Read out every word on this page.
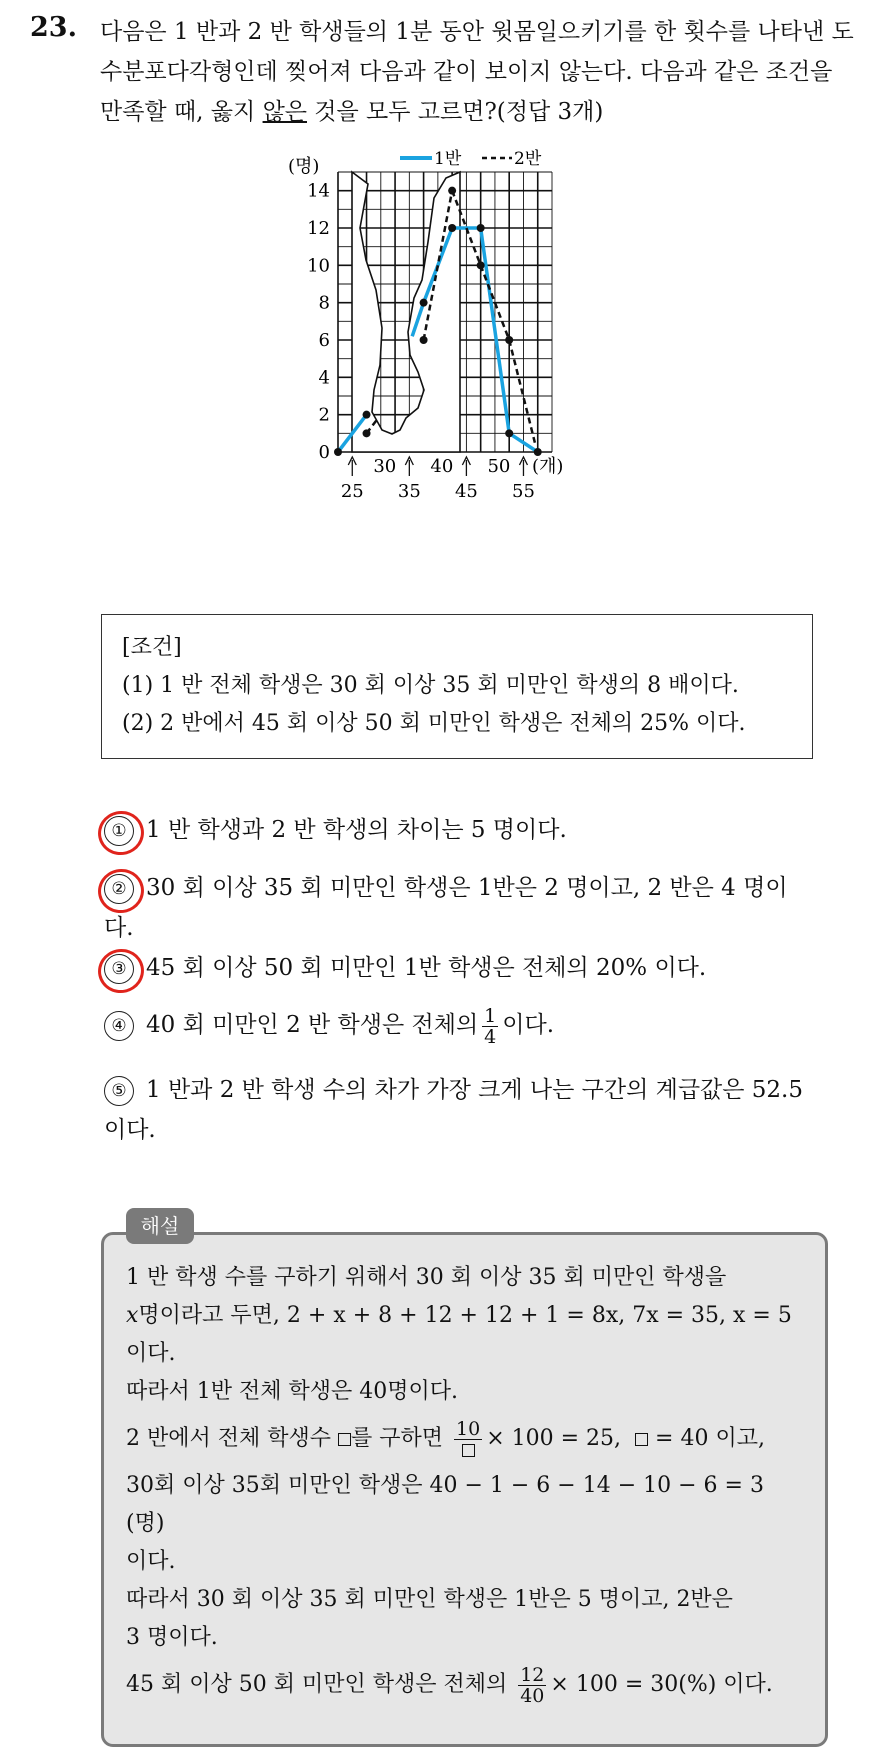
23. 다음은 1 반과 2 반 학생들의 1분 동안 윗몸일으키기를 한 횟수를 나타낸 도수분포다각형인데 찢어져 다음과 같이 보이지 않는다. 다음과 같은 조건을 만족할 때, 옳지 않은 것을 모두 고르면?(정답 3개)
0
2
4
6
8
10
12
14
30 40 50
25 35 45 55
1반	2반
(명)
(개)
[조건]
(1) 1 반 전체 학생은 30 회 이상 35 회 미만인 학생의 8 배이다.
(2) 2 반에서 45 회 이상 50 회 미만인 학생은 전체의 25% 이다.
① 1 반 학생과 2 반 학생의 차이는 5 명이다.
② 30 회 이상 35 회 미만인 학생은 1반은 2 명이고, 2 반은 4 명이다.
③ 45 회 이상 50 회 미만인 1반 학생은 전체의 20% 이다.
④ 40 회 미만인 2 반 학생은 전체의 $\frac{1}{4}$ 이다.
⑤ 1 반과 2 반 학생 수의 차가 가장 크게 나는 구간의 계급값은 52.5 이다.

1 반 학생 수를 구하기 위해서 30 회 이상 35 회 미만인 학생을

x명이라고 두면, 2 + x + 8 + 12 + 12 + 1 = 8x, 7x = 35, x = 5

이다.

따라서 1반 전체 학생은 40명이다.

2 반에서 전체 학생수 를 구하면 10 × 100 = 25, = 40 이고,

30회 이상 35회 미만인 학생은 40 − 1 − 6 − 14 − 10 − 6 = 3 (명)

이다.

따라서 30 회 이상 35 회 미만인 학생은 1반은 5 명이고, 2반은

3 명이다.

45 회 이상 50 회 미만인 학생은 전체의 $\frac{12}{40} \times 100 = 30(\%)$ 이다.

해설
